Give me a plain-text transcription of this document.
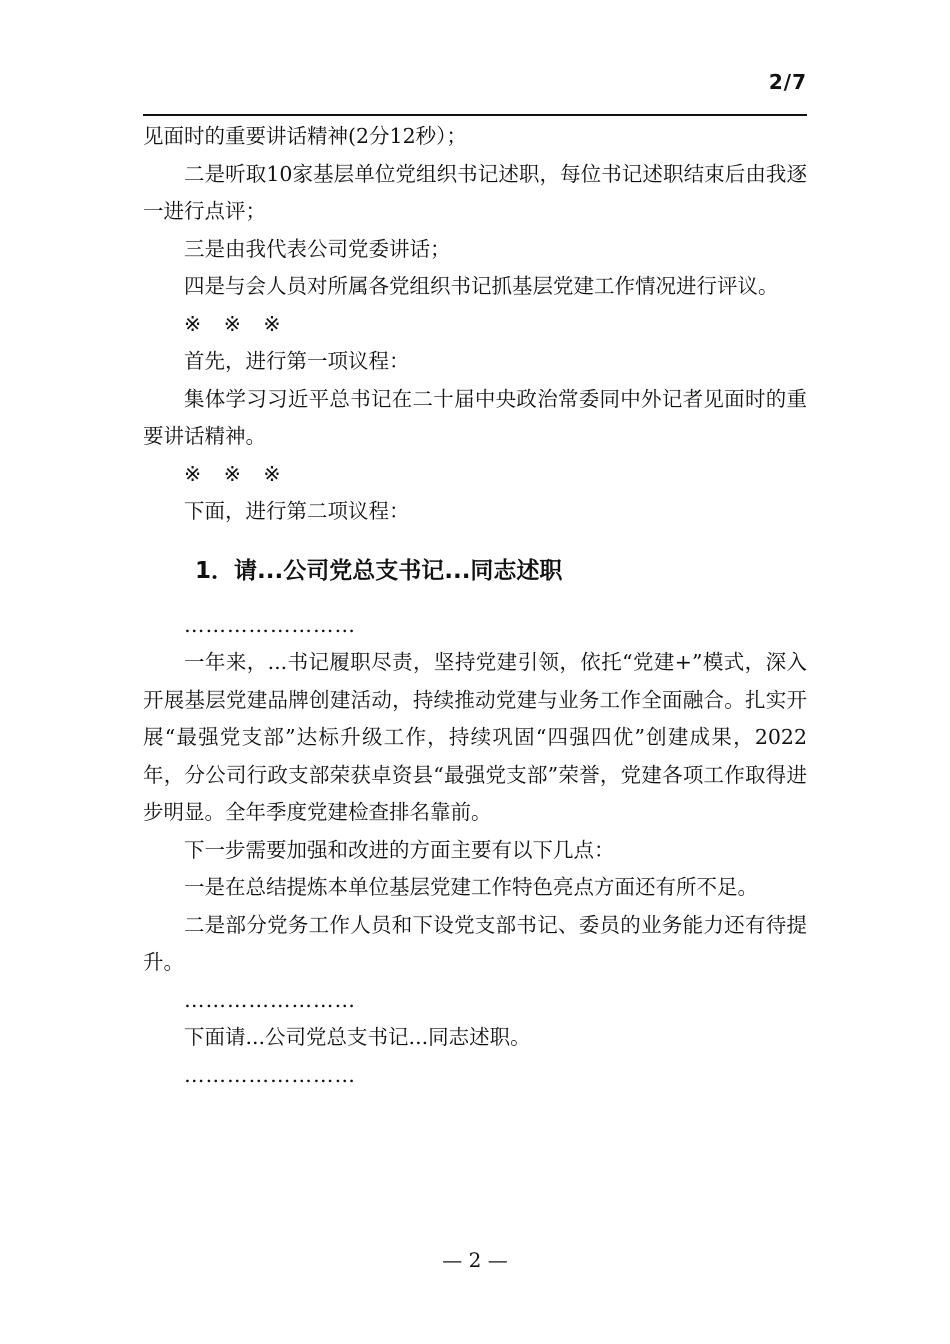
2/7

见面时的重要讲话精神(2分12秒）；

二是听取10家基层单位党组织书记述职，每位书记述职结束后由我逐一进行点评；

三是由我代表公司党委讲话；

四是与会人员对所属各党组织书记抓基层党建工作情况进行评议。

※ ※ ※

首先，进行第一项议程：

集体学习习近平总书记在二十届中央政治常委同中外记者见面时的重要讲话精神。

※ ※ ※

下面，进行第二项议程：

1．请...公司党总支书记...同志述职

……………………

一年来，...书记履职尽责，坚持党建引领，依托“党建+”模式，深入开展基层党建品牌创建活动，持续推动党建与业务工作全面融合。扎实开展“最强党支部”达标升级工作，持续巩固“四强四优”创建成果，2022年，分公司行政支部荣获卓资县“最强党支部”荣誉，党建各项工作取得进步明显。全年季度党建检查排名靠前。

下一步需要加强和改进的方面主要有以下几点：

一是在总结提炼本单位基层党建工作特色亮点方面还有所不足。

二是部分党务工作人员和下设党支部书记、委员的业务能力还有待提升。

……………………

下面请...公司党总支书记...同志述职。

……………………

— 2 —
